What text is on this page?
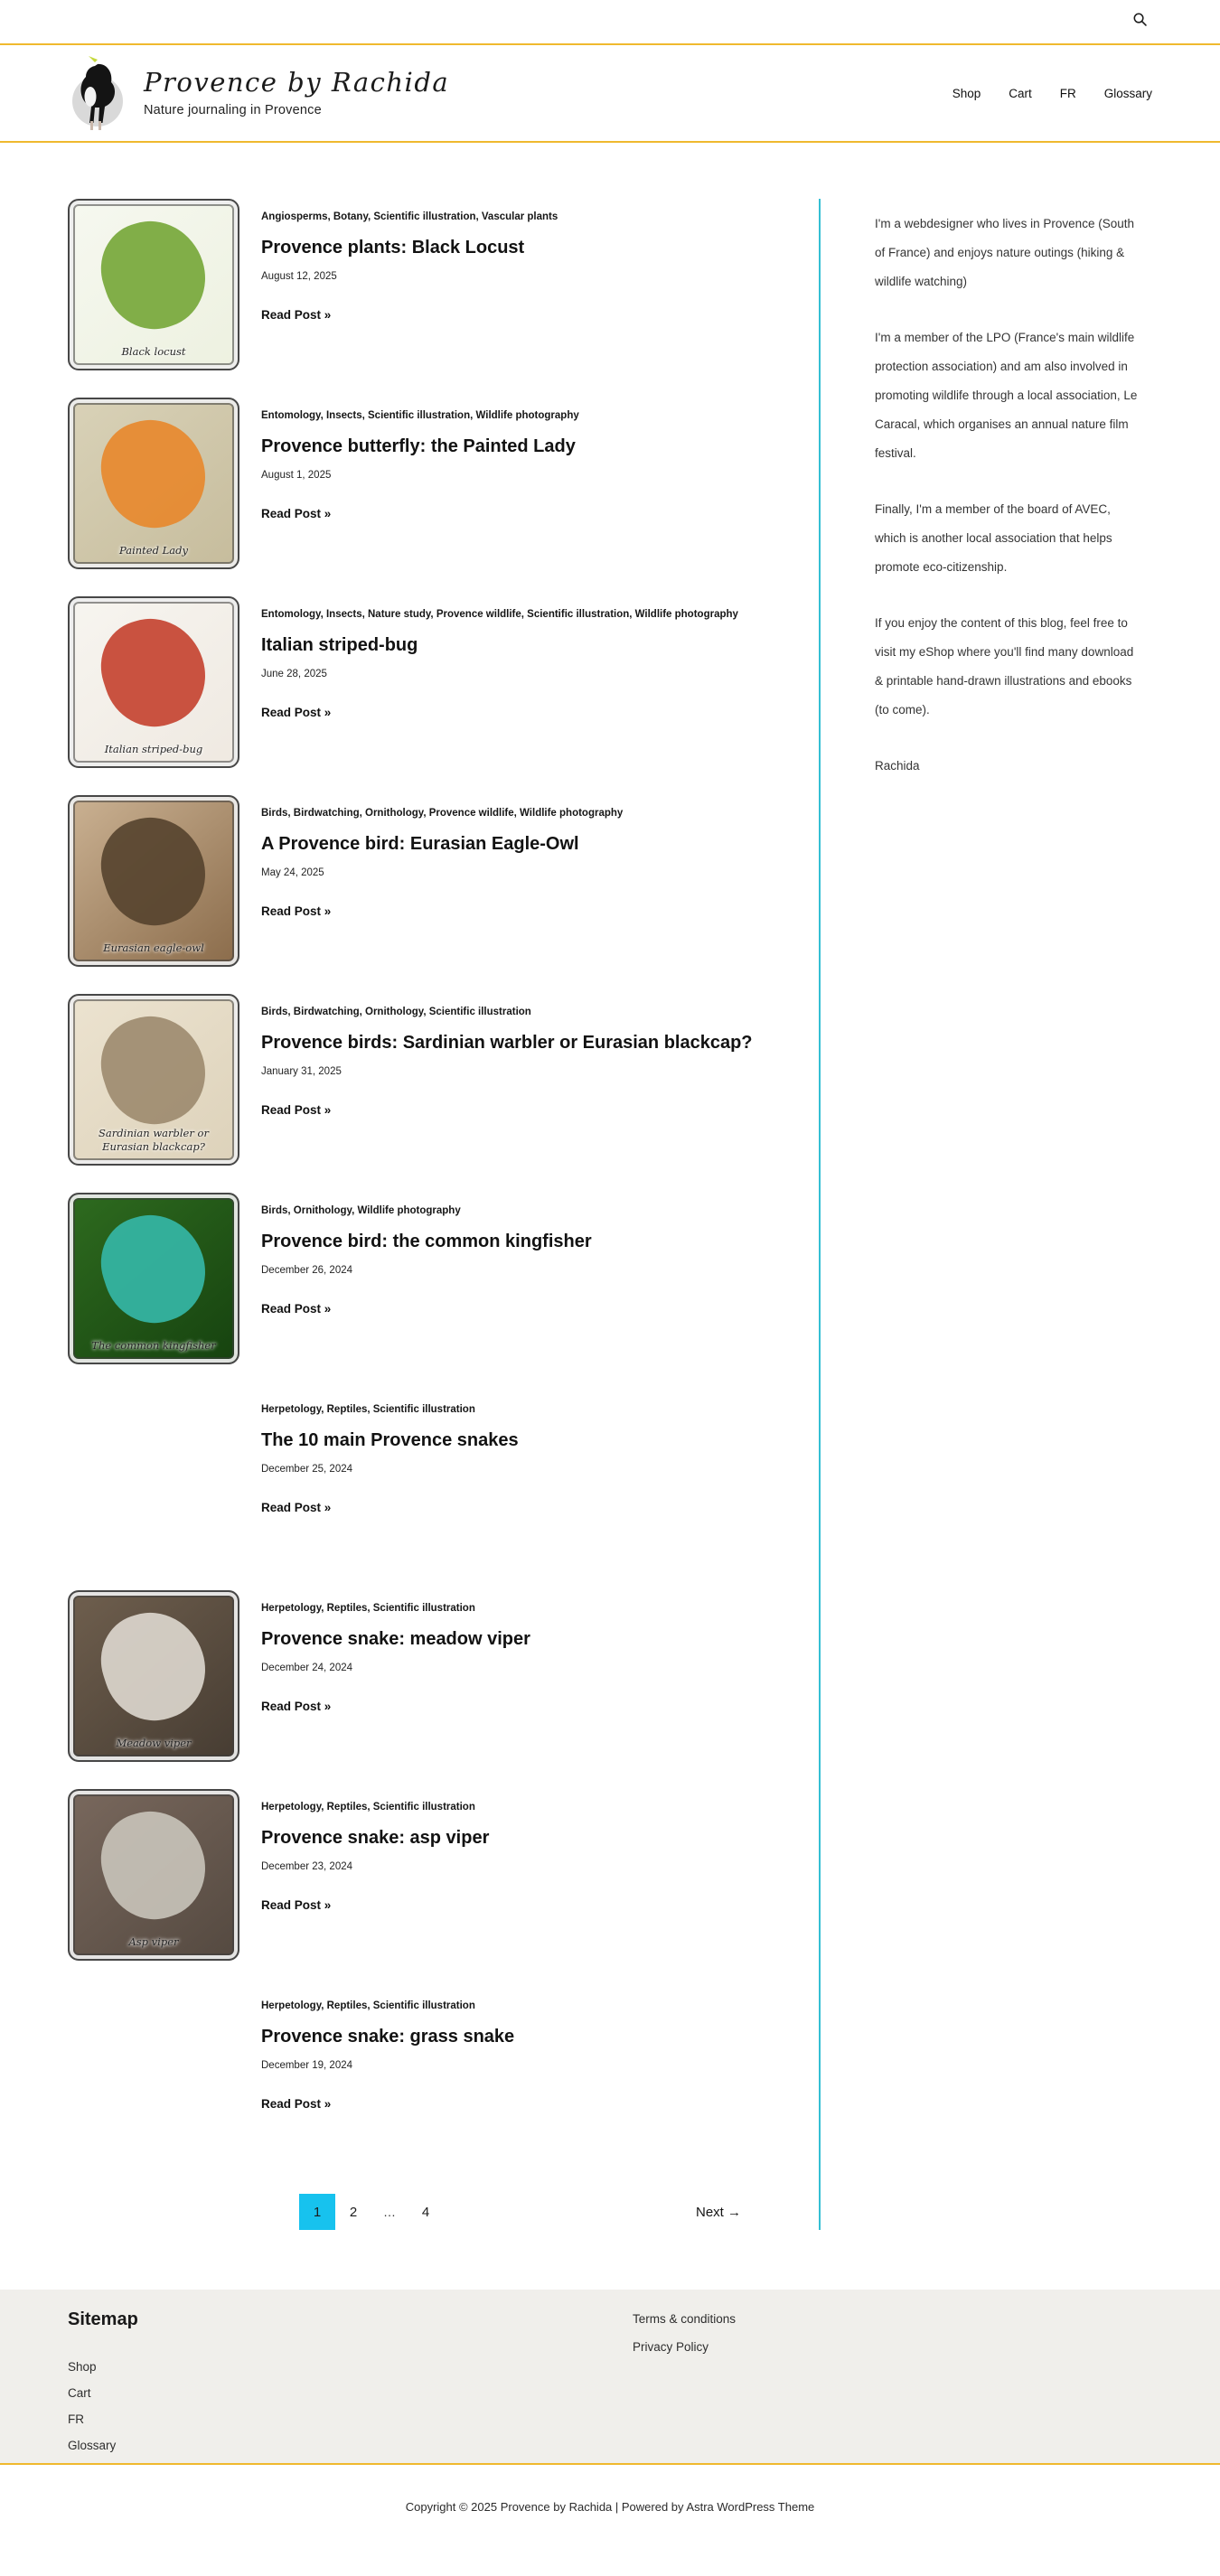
Provence by Rachida
Nature journaling in Provence
Shop Cart FR Glossary
Black locust
Angiosperms, Botany, Scientific illustration, Vascular plants
Provence plants: Black Locust
August 12, 2025
Read Post »
Painted Lady
Entomology, Insects, Scientific illustration, Wildlife photography
Provence butterfly: the Painted Lady
August 1, 2025
Read Post »
Italian striped-bug
Entomology, Insects, Nature study, Provence wildlife, Scientific illustration, Wildlife photography
Italian striped-bug
June 28, 2025
Read Post »
Eurasian eagle-owl
Birds, Birdwatching, Ornithology, Provence wildlife, Wildlife photography
A Provence bird: Eurasian Eagle-Owl
May 24, 2025
Read Post »
Sardinian warbler or Eurasian blackcap?
Birds, Birdwatching, Ornithology, Scientific illustration
Provence birds: Sardinian warbler or Eurasian blackcap?
January 31, 2025
Read Post »
The common kingfisher
Birds, Ornithology, Wildlife photography
Provence bird: the common kingfisher
December 26, 2024
Read Post »
Herpetology, Reptiles, Scientific illustration
The 10 main Provence snakes
December 25, 2024
Read Post »
Meadow viper
Herpetology, Reptiles, Scientific illustration
Provence snake: meadow viper
December 24, 2024
Read Post »
Asp viper
Herpetology, Reptiles, Scientific illustration
Provence snake: asp viper
December 23, 2024
Read Post »
Herpetology, Reptiles, Scientific illustration
Provence snake: grass snake
December 19, 2024
Read Post »
1	2	…	4	Next →

I'm a webdesigner who lives in Provence (South of France) and enjoys nature outings (hiking & wildlife watching)

I'm a member of the LPO (France's main wildlife protection association) and am also involved in promoting wildlife through a local association, Le Caracal, which organises an annual nature film festival.

Finally, I'm a member of the board of AVEC, which is another local association that helps promote eco-citizenship.

If you enjoy the content of this blog, feel free to visit my eShop where you'll find many download & printable hand-drawn illustrations and ebooks (to come).

Rachida

Sitemap
Shop
Cart
FR
Glossary
Terms & conditions
Privacy Policy
Copyright © 2025 Provence by Rachida | Powered by Astra WordPress Theme
